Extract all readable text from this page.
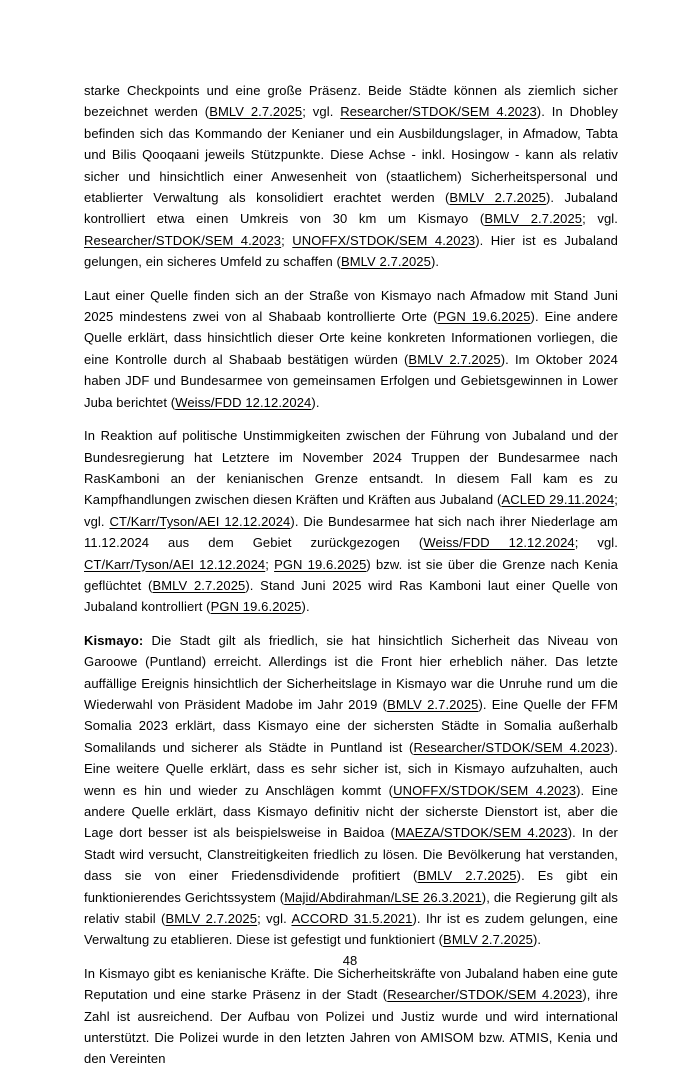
starke Checkpoints und eine große Präsenz. Beide Städte können als ziemlich sicher bezeichnet werden (BMLV 2.7.2025; vgl. Researcher/STDOK/SEM 4.2023). In Dhobley befinden sich das Kommando der Kenianer und ein Ausbildungslager, in Afmadow, Tabta und Bilis Qooqaani jeweils Stützpunkte. Diese Achse - inkl. Hosingow - kann als relativ sicher und hinsichtlich einer Anwesenheit von (staatlichem) Sicherheitspersonal und etablierter Verwaltung als konsolidiert erachtet werden (BMLV 2.7.2025). Jubaland kontrolliert etwa einen Umkreis von 30 km um Kismayo (BMLV 2.7.2025; vgl. Researcher/STDOK/SEM 4.2023; UNOFFX/STDOK/SEM 4.2023). Hier ist es Jubaland gelungen, ein sicheres Umfeld zu schaffen (BMLV 2.7.2025).

Laut einer Quelle finden sich an der Straße von Kismayo nach Afmadow mit Stand Juni 2025 mindestens zwei von al Shabaab kontrollierte Orte (PGN 19.6.2025). Eine andere Quelle erklärt, dass hinsichtlich dieser Orte keine konkreten Informationen vorliegen, die eine Kontrolle durch al Shabaab bestätigen würden (BMLV 2.7.2025). Im Oktober 2024 haben JDF und Bundesarmee von gemeinsamen Erfolgen und Gebietsgewinnen in Lower Juba berichtet (Weiss/FDD 12.12.2024).

In Reaktion auf politische Unstimmigkeiten zwischen der Führung von Jubaland und der Bundesregierung hat Letztere im November 2024 Truppen der Bundesarmee nach RasKamboni an der kenianischen Grenze entsandt. In diesem Fall kam es zu Kampfhandlungen zwischen diesen Kräften und Kräften aus Jubaland (ACLED 29.11.2024; vgl. CT/Karr/Tyson/AEI 12.12.2024). Die Bundesarmee hat sich nach ihrer Niederlage am 11.12.2024 aus dem Gebiet zurückgezogen (Weiss/FDD 12.12.2024; vgl. CT/Karr/Tyson/AEI 12.12.2024; PGN 19.6.2025) bzw. ist sie über die Grenze nach Kenia geflüchtet (BMLV 2.7.2025). Stand Juni 2025 wird Ras Kamboni laut einer Quelle von Jubaland kontrolliert (PGN 19.6.2025).

Kismayo: Die Stadt gilt als friedlich, sie hat hinsichtlich Sicherheit das Niveau von Garoowe (Puntland) erreicht. Allerdings ist die Front hier erheblich näher. Das letzte auffällige Ereignis hinsichtlich der Sicherheitslage in Kismayo war die Unruhe rund um die Wiederwahl von Präsident Madobe im Jahr 2019 (BMLV 2.7.2025). Eine Quelle der FFM Somalia 2023 erklärt, dass Kismayo eine der sichersten Städte in Somalia außerhalb Somalilands und sicherer als Städte in Puntland ist (Researcher/STDOK/SEM 4.2023). Eine weitere Quelle erklärt, dass es sehr sicher ist, sich in Kismayo aufzuhalten, auch wenn es hin und wieder zu Anschlägen kommt (UNOFFX/STDOK/SEM 4.2023). Eine andere Quelle erklärt, dass Kismayo definitiv nicht der sicherste Dienstort ist, aber die Lage dort besser ist als beispielsweise in Baidoa (MAEZA/STDOK/SEM 4.2023). In der Stadt wird versucht, Clanstreitigkeiten friedlich zu lösen. Die Bevölkerung hat verstanden, dass sie von einer Friedensdividende profitiert (BMLV 2.7.2025). Es gibt ein funktionierendes Gerichtssystem (Majid/Abdirahman/LSE 26.3.2021), die Regierung gilt als relativ stabil (BMLV 2.7.2025; vgl. ACCORD 31.5.2021). Ihr ist es zudem gelungen, eine Verwaltung zu etablieren. Diese ist gefestigt und funktioniert (BMLV 2.7.2025).

In Kismayo gibt es kenianische Kräfte. Die Sicherheitskräfte von Jubaland haben eine gute Reputation und eine starke Präsenz in der Stadt (Researcher/STDOK/SEM 4.2023), ihre Zahl ist ausreichend. Der Aufbau von Polizei und Justiz wurde und wird international unterstützt. Die Polizei wurde in den letzten Jahren von AMISOM bzw. ATMIS, Kenia und den Vereinten

48
